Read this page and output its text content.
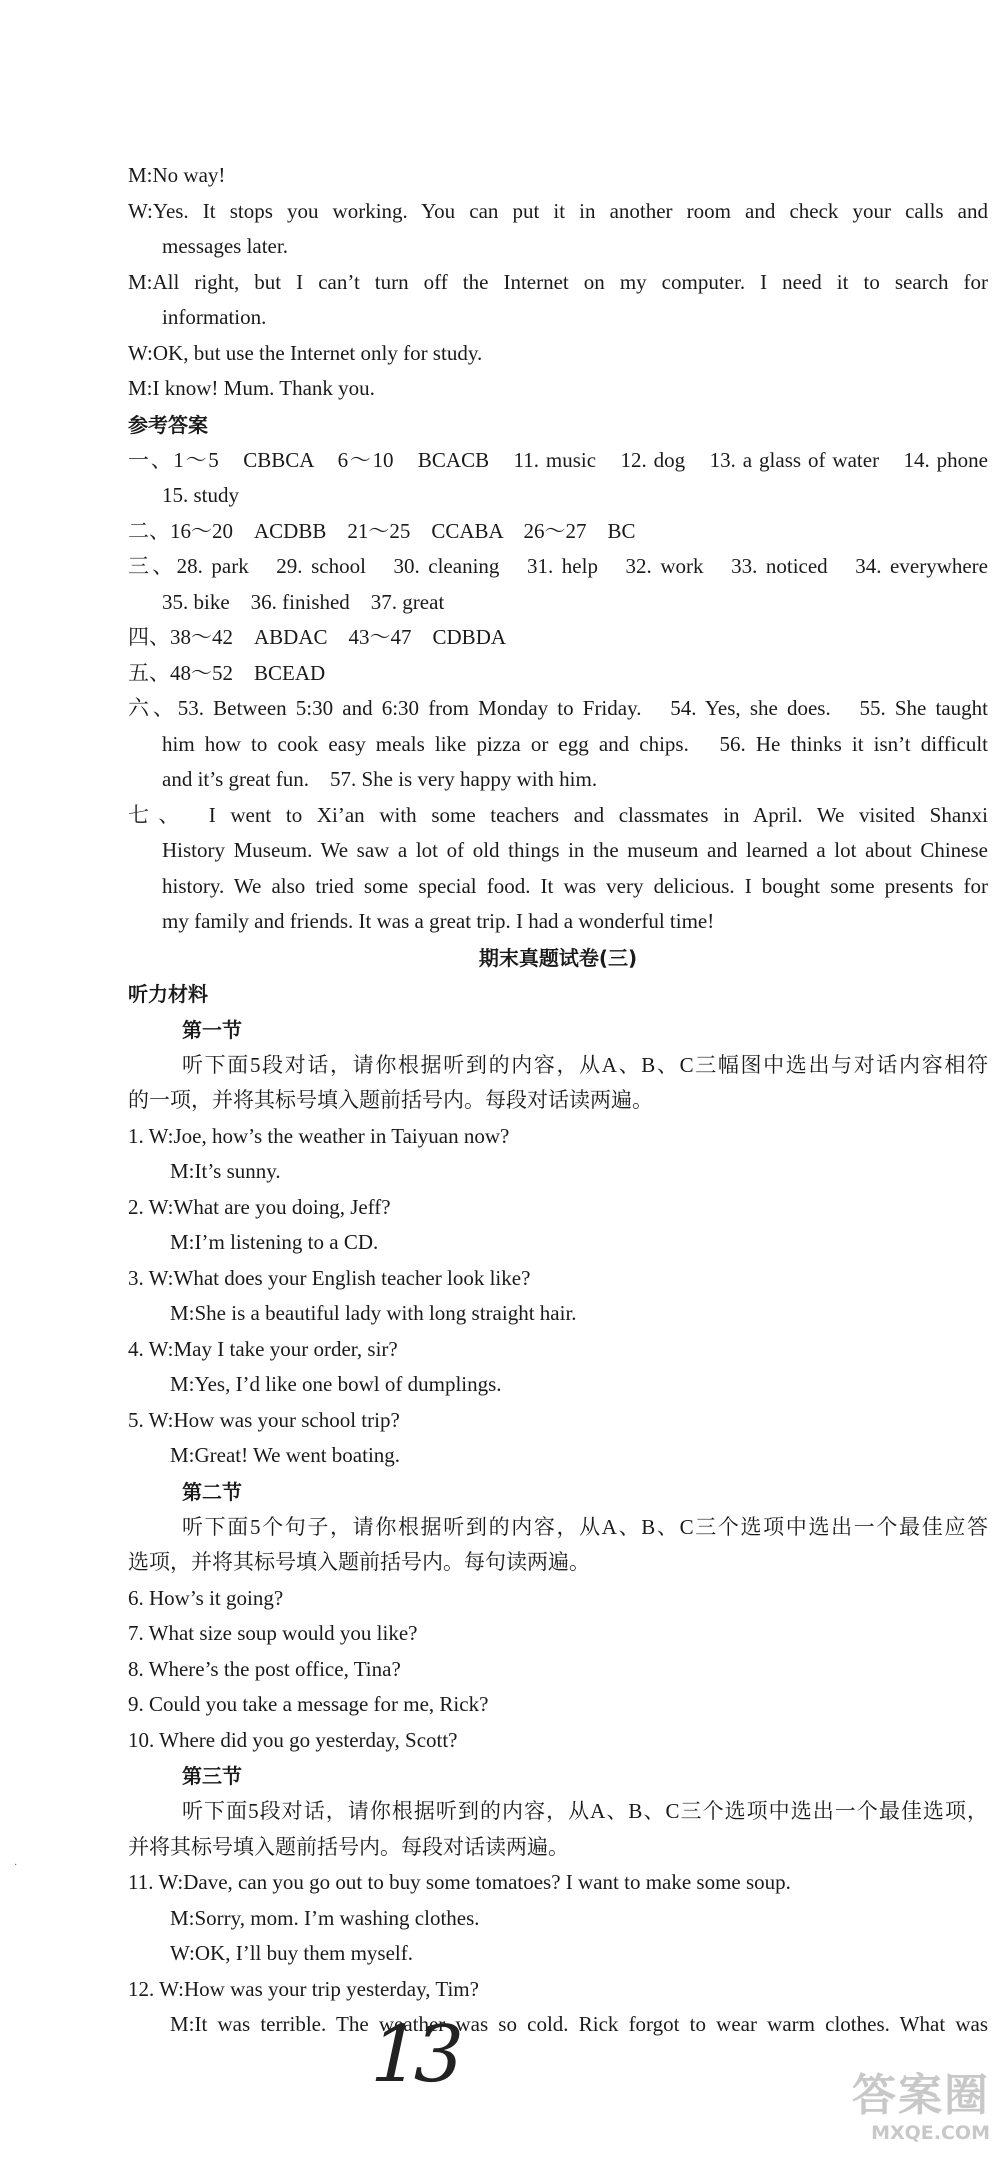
M:No way!
W:Yes. It stops you working. You can put it in another room and check your calls and
messages later.
M:All right, but I can’t turn off the Internet on my computer. I need it to search for
information.
W:OK, but use the Internet only for study.
M:I know! Mum. Thank you.
参考答案
一、1～5　CBBCA　6～10　BCACB　11. music　12. dog　13. a glass of water　14. phone
15. study
二、16～20　ACDBB　21～25　CCABA　26～27　BC
三、28. park　29. school　30. cleaning　31. help　32. work　33. noticed　34. everywhere
35. bike　36. finished　37. great
四、38～42　ABDAC　43～47　CDBDA
五、48～52　BCEAD
六、53. Between 5:30 and 6:30 from Monday to Friday.　54. Yes, she does.　55. She taught
him how to cook easy meals like pizza or egg and chips.　56. He thinks it isn’t difficult
and it’s great fun.　57. She is very happy with him.
七、　I went to Xi’an with some teachers and classmates in April. We visited Shanxi
History Museum. We saw a lot of old things in the museum and learned a lot about Chinese
history. We also tried some special food. It was very delicious. I bought some presents for
my family and friends. It was a great trip. I had a wonderful time!
期末真题试卷(三)
听力材料
第一节
听下面5段对话，请你根据听到的内容，从A、B、C三幅图中选出与对话内容相符
的一项，并将其标号填入题前括号内。每段对话读两遍。
1. W:Joe, how’s the weather in Taiyuan now?
M:It’s sunny.
2. W:What are you doing, Jeff?
M:I’m listening to a CD.
3. W:What does your English teacher look like?
M:She is a beautiful lady with long straight hair.
4. W:May I take your order, sir?
M:Yes, I’d like one bowl of dumplings.
5. W:How was your school trip?
M:Great! We went boating.
第二节
听下面5个句子，请你根据听到的内容，从A、B、C三个选项中选出一个最佳应答
选项，并将其标号填入题前括号内。每句读两遍。
6. How’s it going?
7. What size soup would you like?
8. Where’s the post office, Tina?
9. Could you take a message for me, Rick?
10. Where did you go yesterday, Scott?
第三节
听下面5段对话，请你根据听到的内容，从A、B、C三个选项中选出一个最佳选项，
并将其标号填入题前括号内。每段对话读两遍。
11. W:Dave, can you go out to buy some tomatoes? I want to make some soup.
M:Sorry, mom. I’m washing clothes.
W:OK, I’ll buy them myself.
12. W:How was your trip yesterday, Tim?
M:It was terrible. The weather was so cold. Rick forgot to wear warm clothes. What was
·
13	答案圈
MXQE.COM
